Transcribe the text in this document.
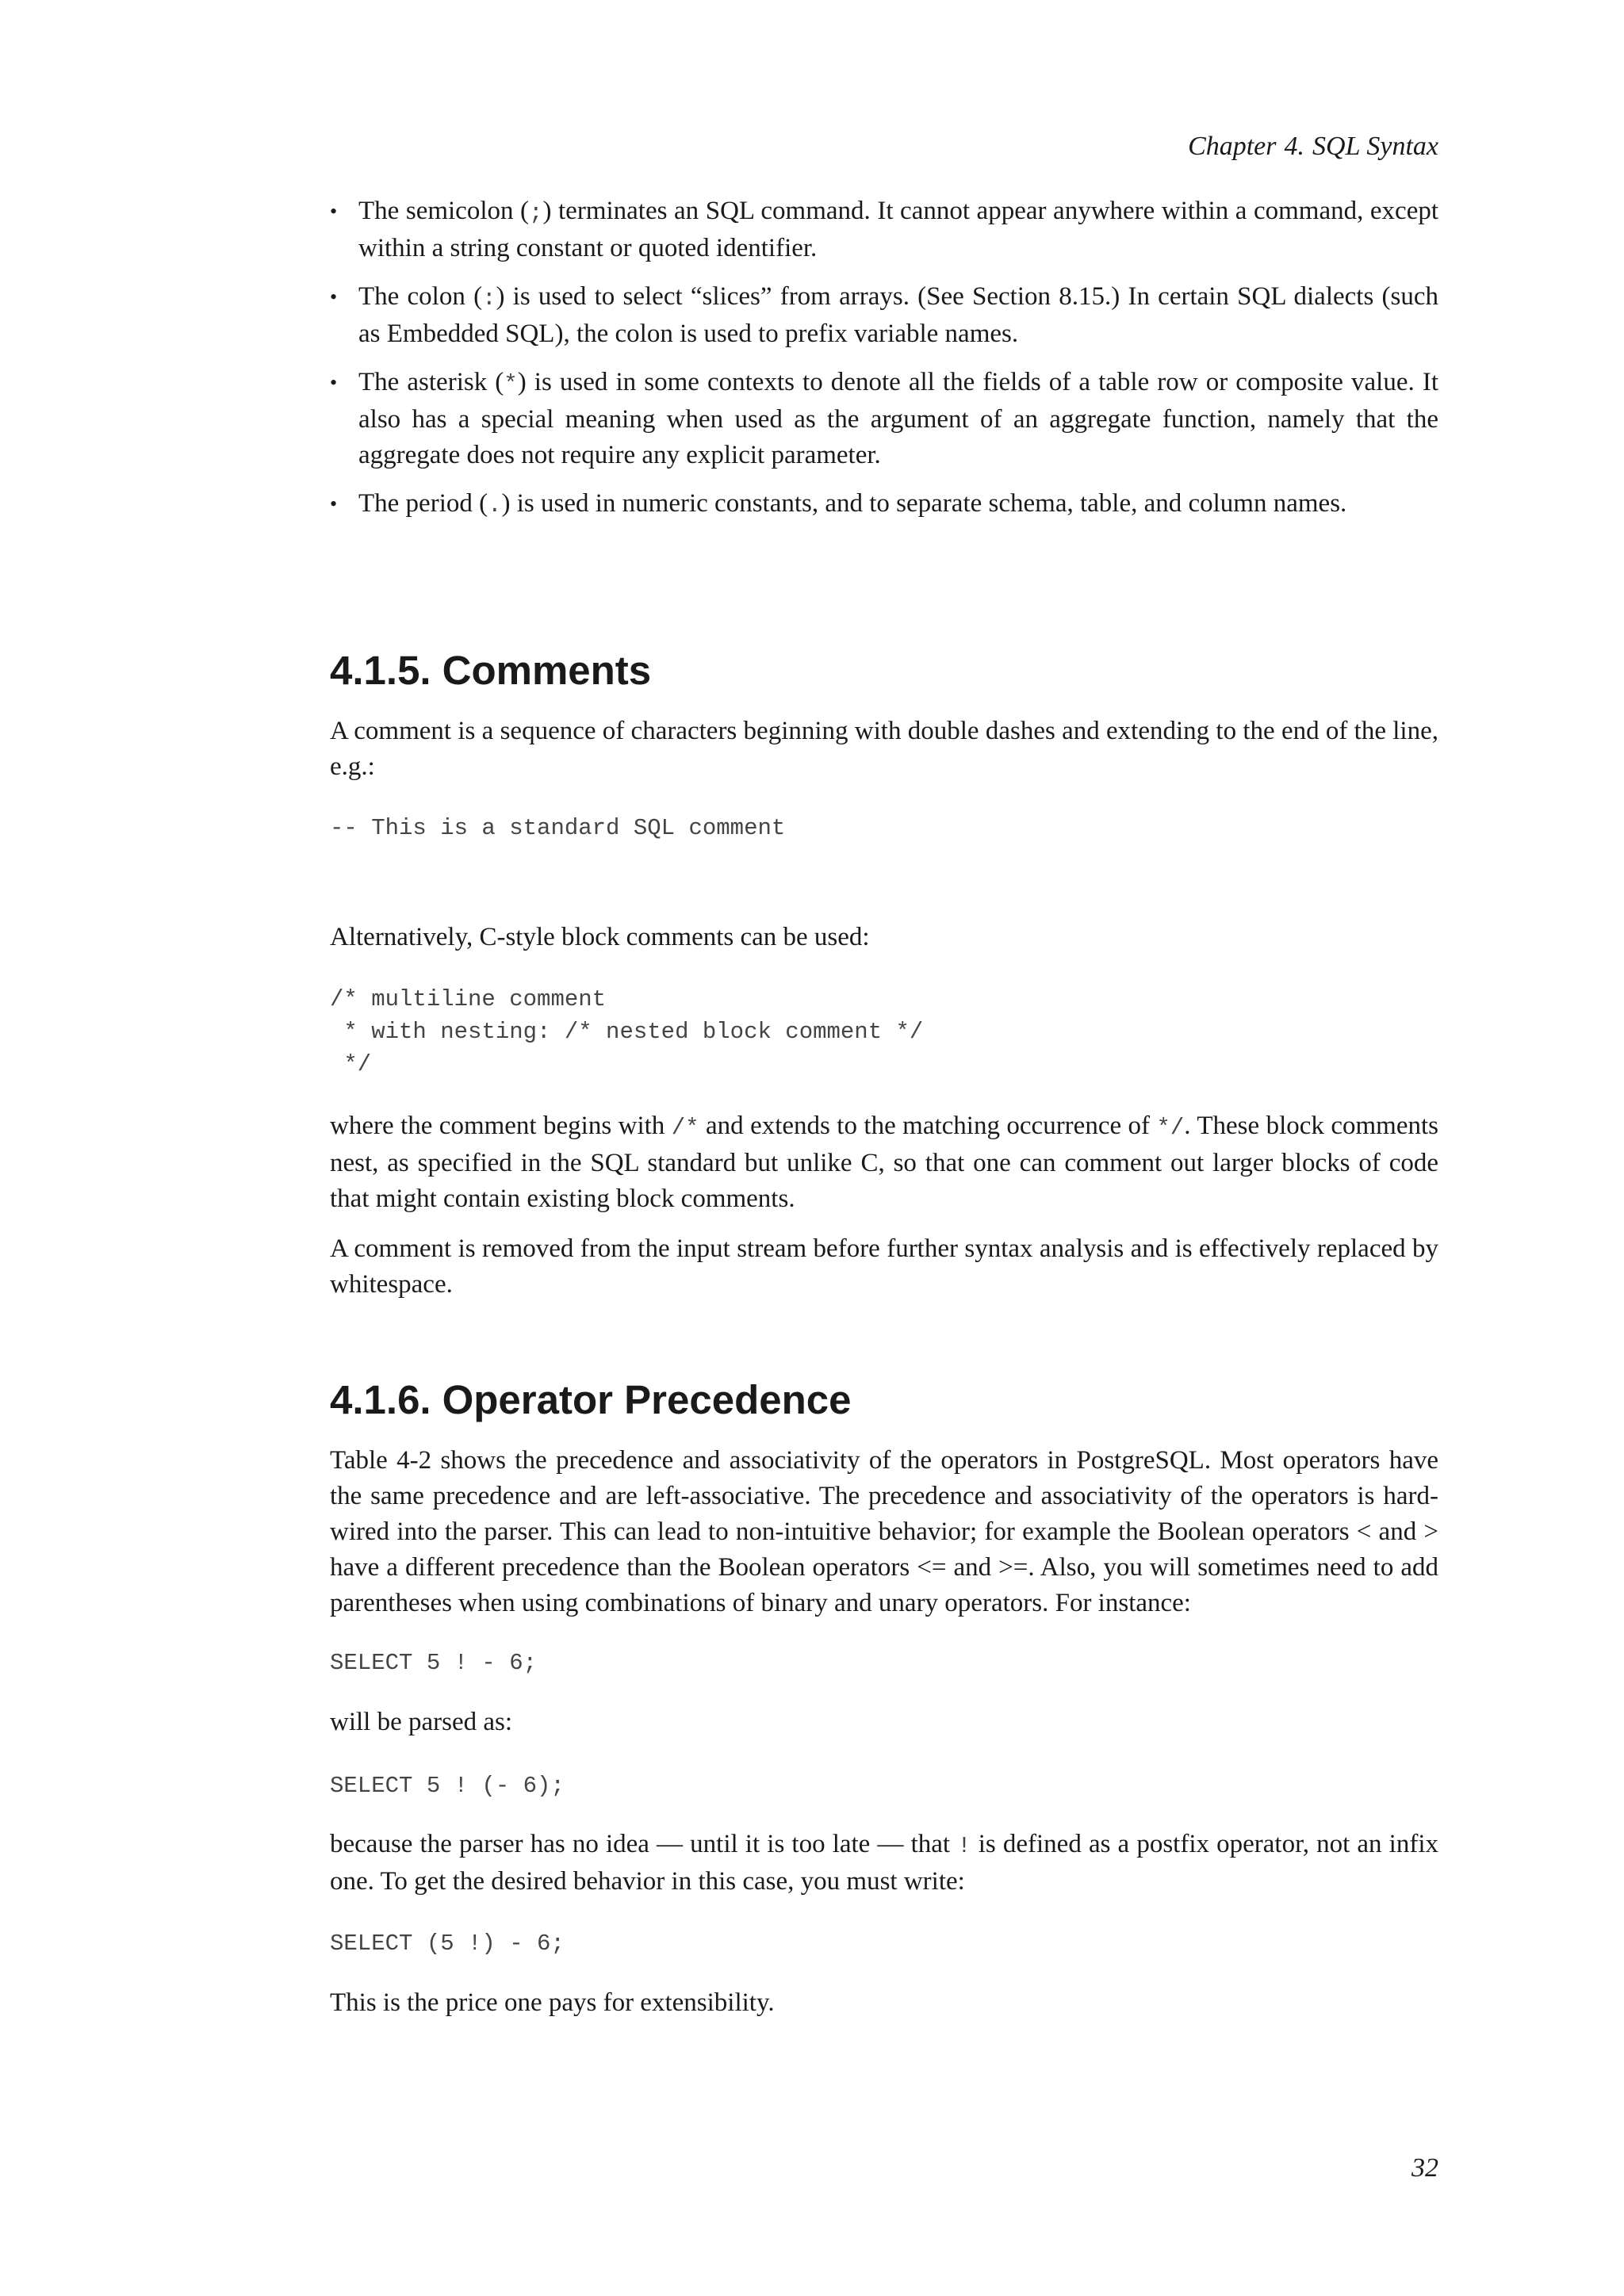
Chapter 4. SQL Syntax
• The semicolon (;) terminates an SQL command. It cannot appear anywhere within a command, except within a string constant or quoted identifier.
• The colon (:) is used to select “slices” from arrays. (See Section 8.15.) In certain SQL dialects (such as Embedded SQL), the colon is used to prefix variable names.
• The asterisk (*) is used in some contexts to denote all the fields of a table row or composite value. It also has a special meaning when used as the argument of an aggregate function, namely that the aggregate does not require any explicit parameter.
• The period (.) is used in numeric constants, and to separate schema, table, and column names.
4.1.5. Comments

A comment is a sequence of characters beginning with double dashes and extending to the end of the line, e.g.:

-- This is a standard SQL comment

Alternatively, C-style block comments can be used:

/* multiline comment
* with nesting: /* nested block comment */
*/

where the comment begins with /* and extends to the matching occurrence of */. These block comments nest, as specified in the SQL standard but unlike C, so that one can comment out larger blocks of code that might contain existing block comments.

A comment is removed from the input stream before further syntax analysis and is effectively replaced by whitespace.

4.1.6. Operator Precedence

Table 4-2 shows the precedence and associativity of the operators in PostgreSQL. Most operators have the same precedence and are left-associative. The precedence and associativity of the operators is hard-wired into the parser. This can lead to non-intuitive behavior; for example the Boolean operators < and > have a different precedence than the Boolean operators <= and >=. Also, you will sometimes need to add parentheses when using combinations of binary and unary operators. For instance:

SELECT 5 ! - 6;

will be parsed as:

SELECT 5 ! (- 6);

because the parser has no idea — until it is too late — that ! is defined as a postfix operator, not an infix one. To get the desired behavior in this case, you must write:

SELECT (5 !) - 6;

This is the price one pays for extensibility.

32
